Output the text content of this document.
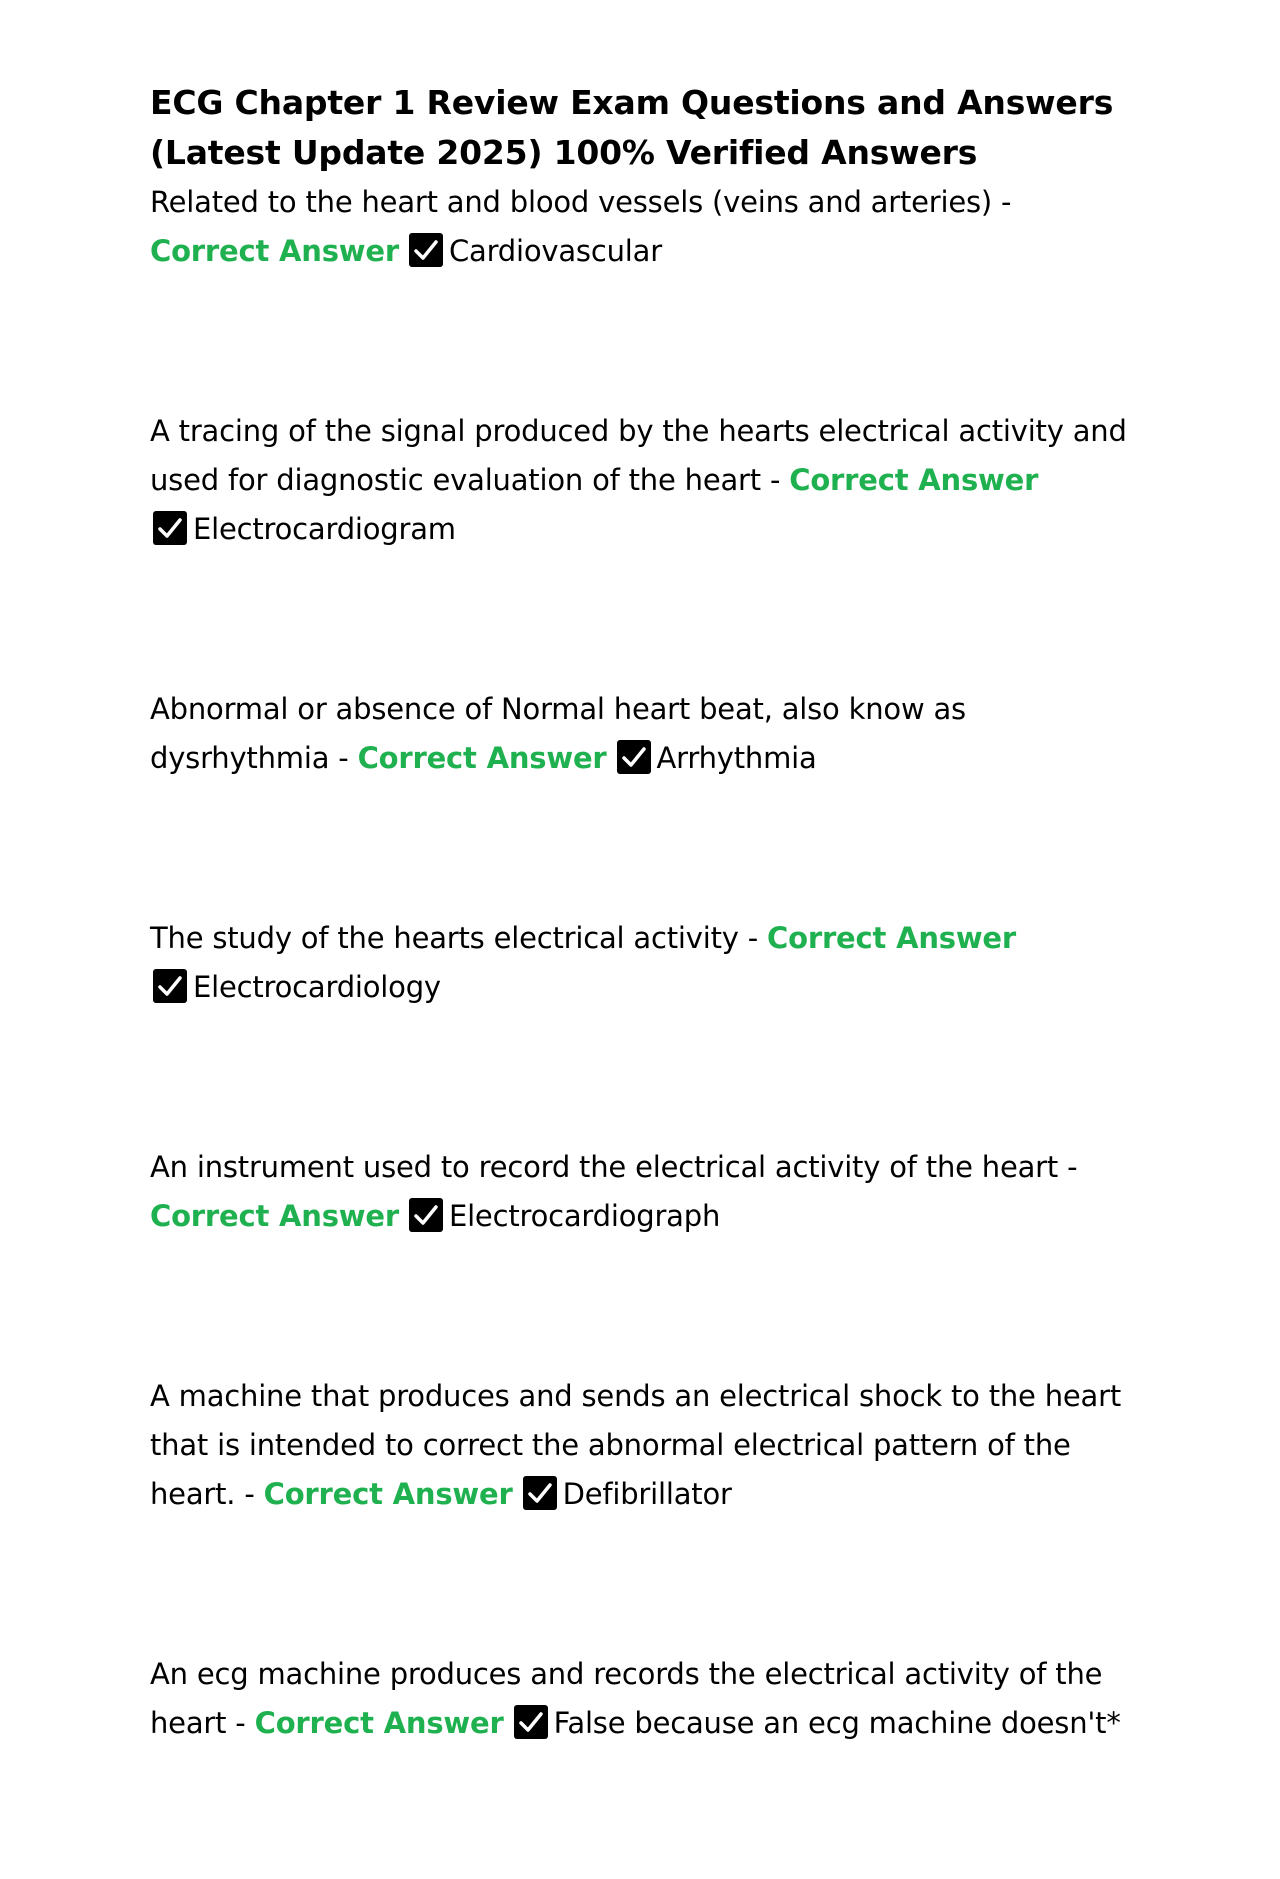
ECG Chapter 1 Review Exam Questions and Answers
(Latest Update 2025) 100% Verified Answers

Related to the heart and blood vessels (veins and arteries) -
Correct Answer Cardiovascular

A tracing of the signal produced by the hearts electrical activity and used for diagnostic evaluation of the heart - Correct Answer

Electrocardiogram

Abnormal or absence of Normal heart beat, also know as dysrhythmia - Correct Answer Arrhythmia

The study of the hearts electrical activity - Correct Answer

Electrocardiology

An instrument used to record the electrical activity of the heart -
Correct Answer Electrocardiograph

A machine that produces and sends an electrical shock to the heart that is intended to correct the abnormal electrical pattern of the heart. - Correct Answer Defibrillator

An ecg machine produces and records the electrical activity of the heart - Correct Answer False because an ecg machine doesn't*
